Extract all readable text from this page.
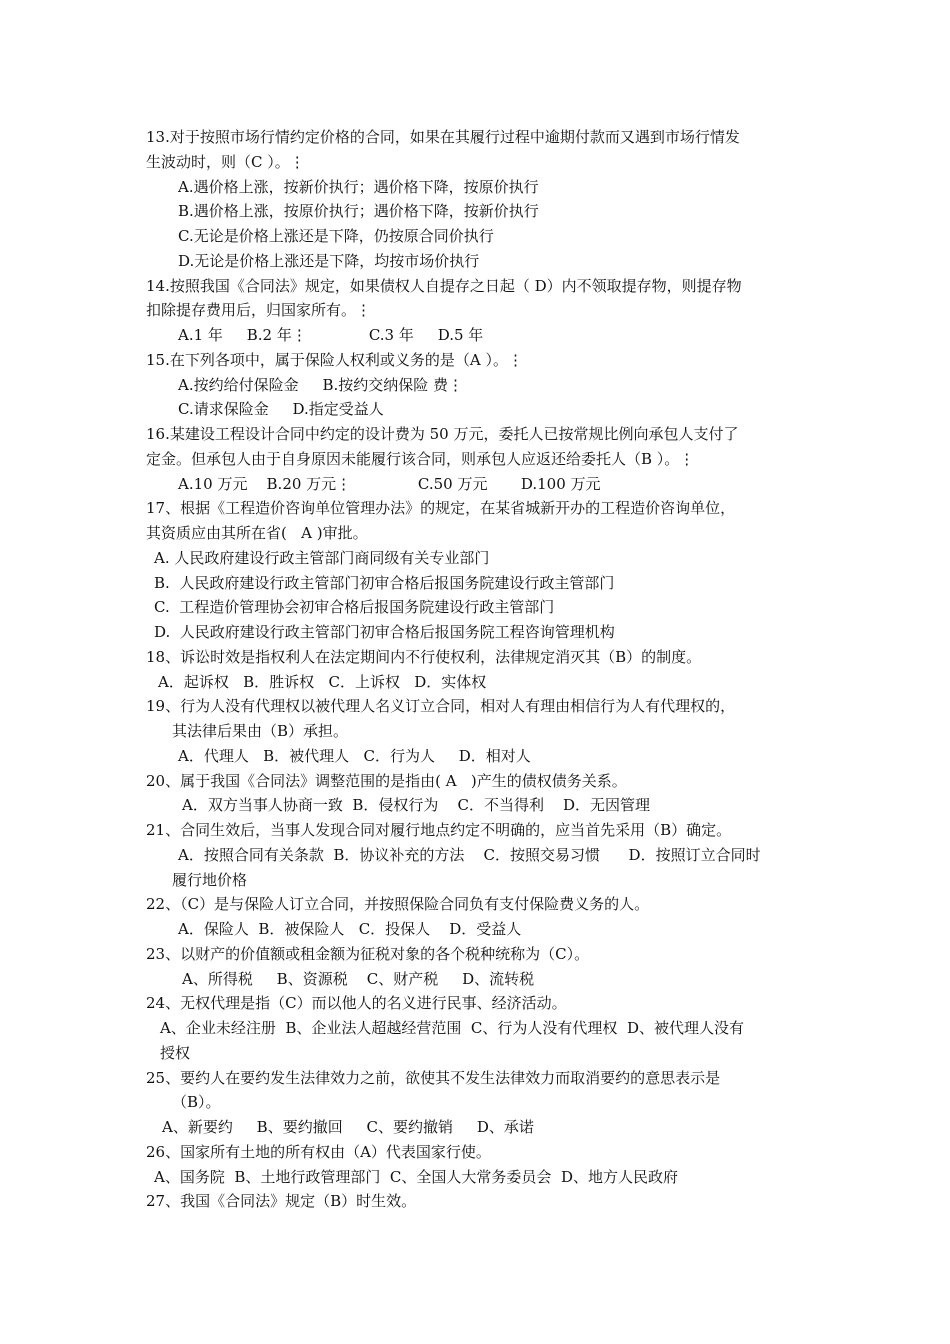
13.对于按照市场行情约定价格的合同，如果在其履行过程中逾期付款而又遇到市场行情发
生波动时，则（C ）。⋮
A.遇价格上涨，按新价执行；遇价格下降，按原价执行
B.遇价格上涨，按原价执行；遇价格下降，按新价执行
C.无论是价格上涨还是下降，仍按原合同价执行
D.无论是价格上涨还是下降，均按市场价执行
14.按照我国《合同法》规定，如果债权人自提存之日起（ D）内不领取提存物，则提存物
扣除提存费用后，归国家所有。⋮
A.1 年     B.2 年⋮             C.3 年     D.5 年
15.在下列各项中，属于保险人权利或义务的是（A ）。⋮
A.按约给付保险金     B.按约交纳保险 费⋮
C.请求保险金     D.指定受益人
16.某建设工程设计合同中约定的设计费为 50 万元，委托人已按常规比例向承包人支付了
定金。但承包人由于自身原因未能履行该合同，则承包人应返还给委托人（B ）。⋮
A.10 万元    B.20 万元⋮              C.50 万元       D.100 万元
17、根据《工程造价咨询单位管理办法》的规定，在某省城新开办的工程造价咨询单位，
其资质应由其所在省(   A )审批。
A. 人民政府建设行政主管部门商同级有关专业部门
B.  人民政府建设行政主管部门初审合格后报国务院建设行政主管部门
C.  工程造价管理协会初审合格后报国务院建设行政主管部门
D.  人民政府建设行政主管部门初审合格后报国务院工程咨询管理机构
18、诉讼时效是指权利人在法定期间内不行使权利，法律规定消灭其（B）的制度。
A．起诉权   B．胜诉权   C．上诉权   D．实体权
19、行为人没有代理权以被代理人名义订立合同，相对人有理由相信行为人有代理权的，
其法律后果由（B）承担。
A．代理人   B．被代理人   C．行为人     D．相对人
20、属于我国《合同法》调整范围的是指由( A   )产生的债权债务关系。
A．双方当事人协商一致  B．侵权行为    C．不当得利    D．无因管理
21、合同生效后，当事人发现合同对履行地点约定不明确的，应当首先采用（B）确定。
A．按照合同有关条款  B．协议补充的方法    C．按照交易习惯      D．按照订立合同时
履行地价格
22、（C）是与保险人订立合同，并按照保险合同负有支付保险费义务的人。
A．保险人  B．被保险人   C．投保人    D．受益人
23、以财产的价值额或租金额为征税对象的各个税种统称为（C）。
A、所得税     B、资源税    C、财产税     D、流转税
24、无权代理是指（C）而以他人的名义进行民事、经济活动。
A、企业未经注册  B、企业法人超越经营范围  C、行为人没有代理权  D、被代理人没有
授权
25、要约人在要约发生法律效力之前，欲使其不发生法律效力而取消要约的意思表示是
（B）。
A、新要约     B、要约撤回     C、要约撤销     D、承诺
26、国家所有土地的所有权由（A）代表国家行使。
A、国务院  B、土地行政管理部门  C、全国人大常务委员会  D、地方人民政府
27、我国《合同法》规定（B）时生效。
